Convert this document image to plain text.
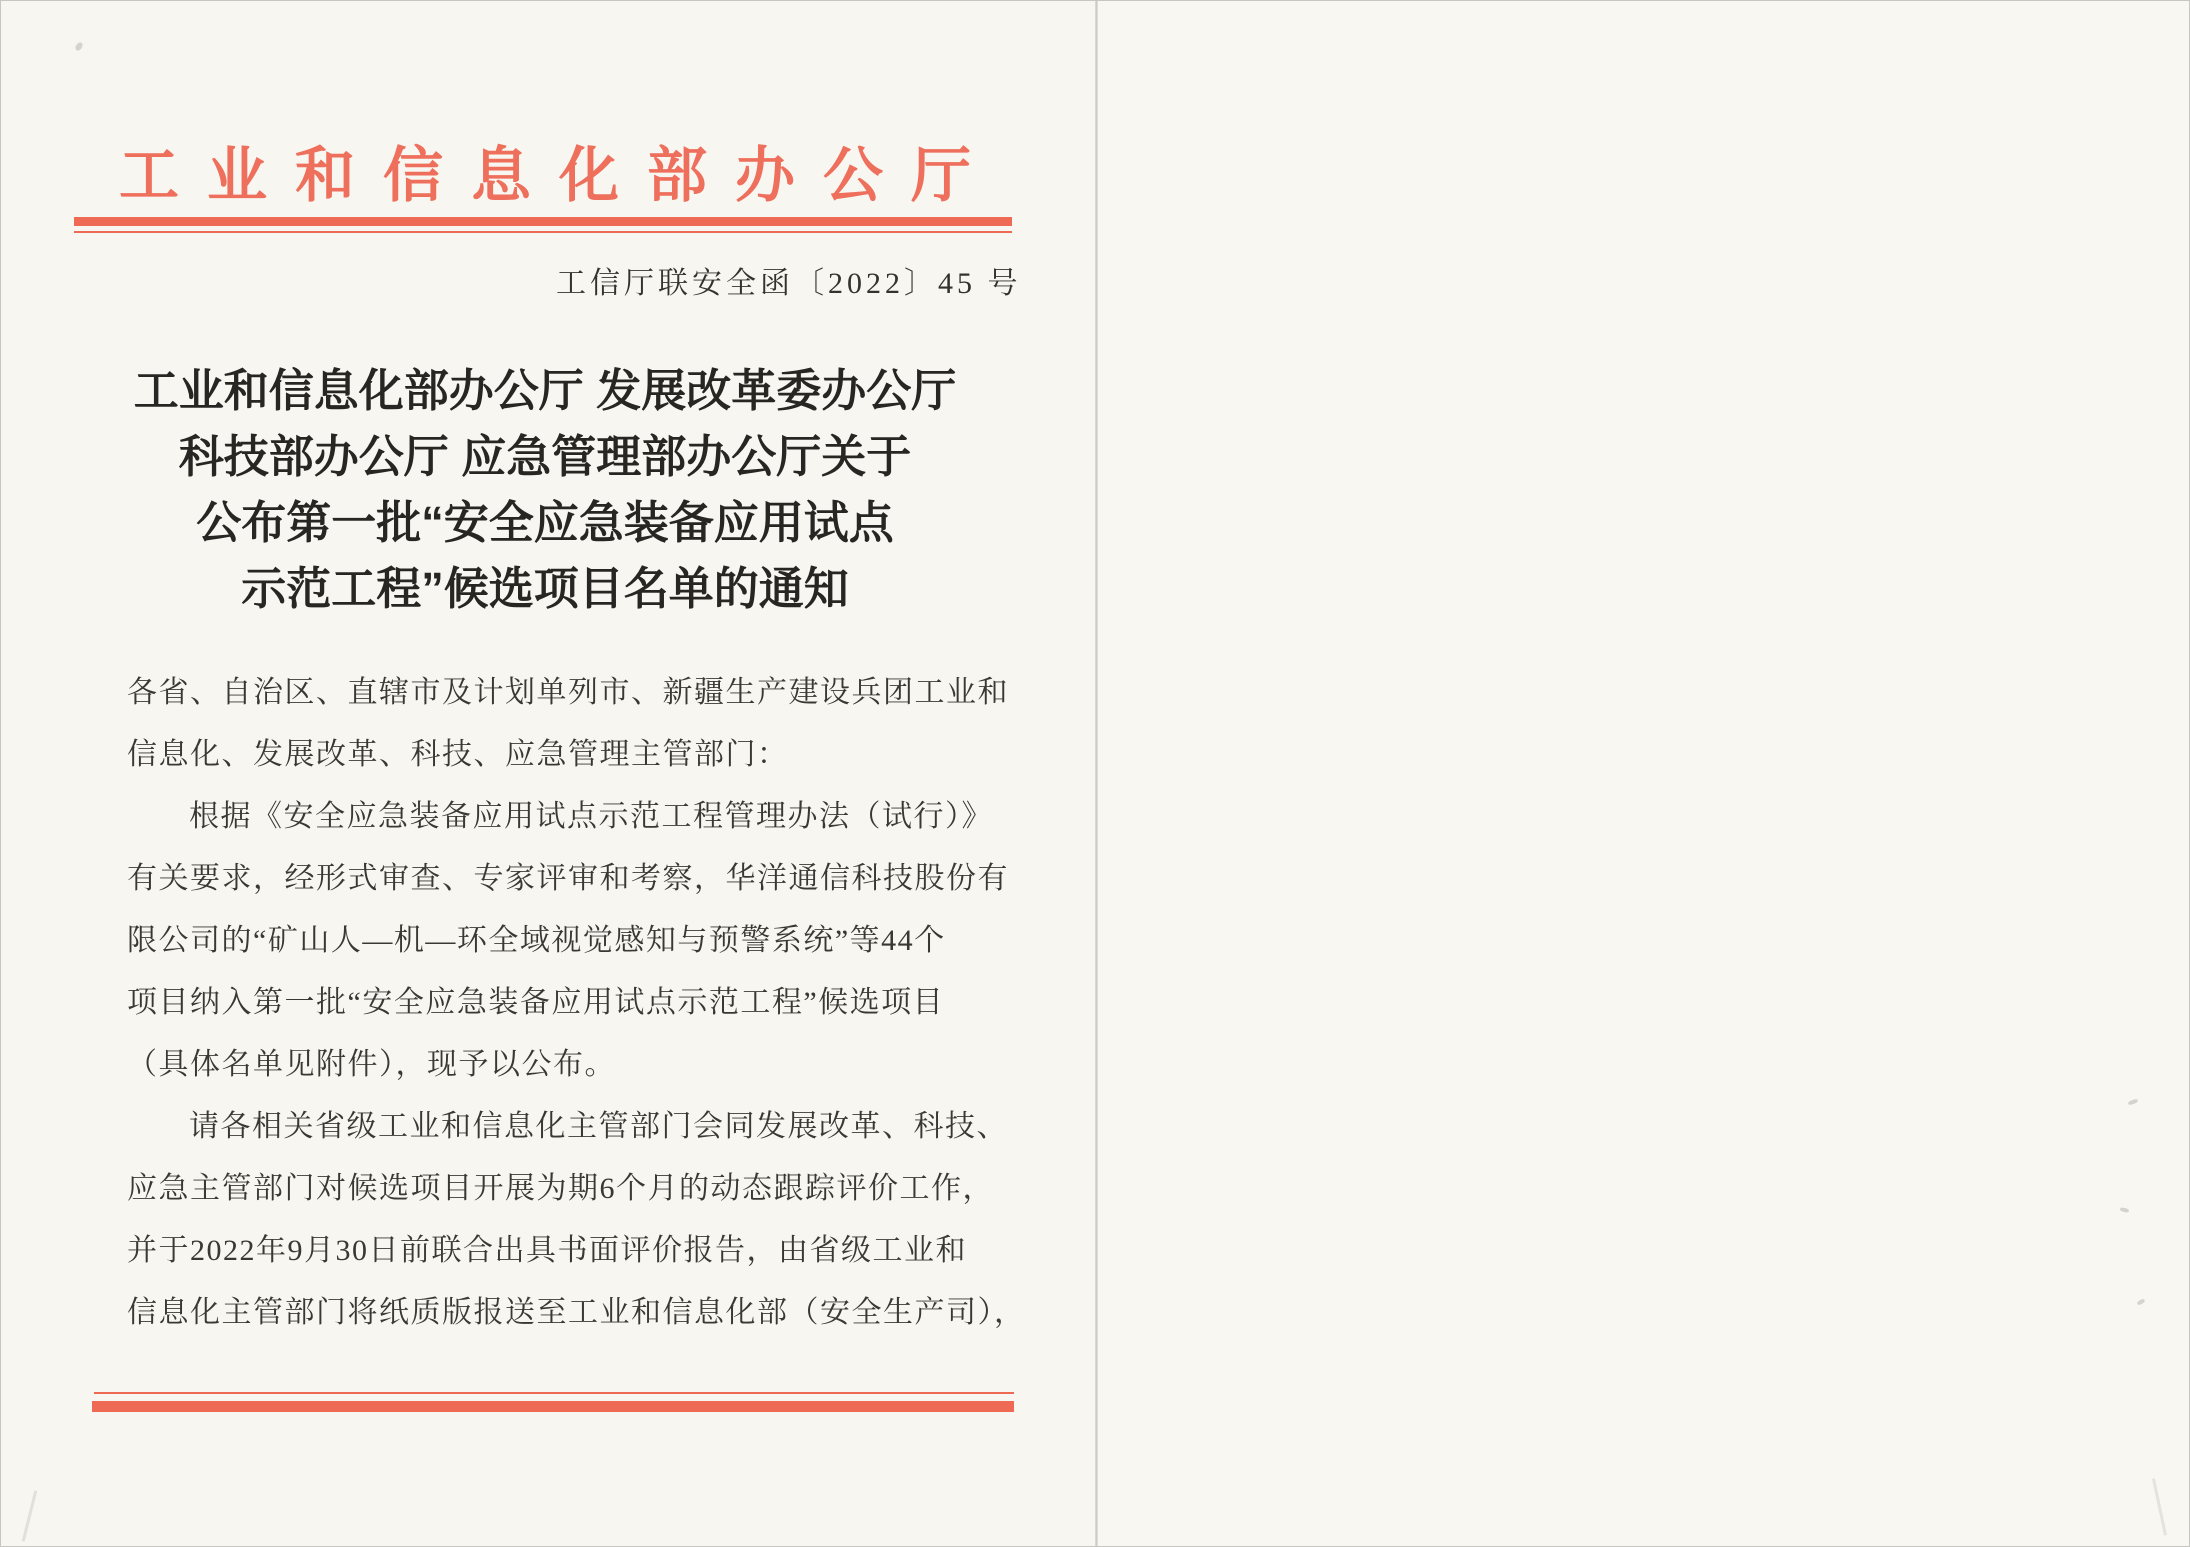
工业和信息化部办公厅
工信厅联安全函〔2022〕45 号
工业和信息化部办公厅 发展改革委办公厅
科技部办公厅 应急管理部办公厅关于
公布第一批“安全应急装备应用试点
示范工程”候选项目名单的通知
各省、自治区、直辖市及计划单列市、新疆生产建设兵团工业和
信息化、发展改革、科技、应急管理主管部门：
根据《安全应急装备应用试点示范工程管理办法（试行）》
有关要求，经形式审查、专家评审和考察，华洋通信科技股份有
限公司的“矿山人—机—环全域视觉感知与预警系统”等44个
项目纳入第一批“安全应急装备应用试点示范工程”候选项目
（具体名单见附件），现予以公布。
请各相关省级工业和信息化主管部门会同发展改革、科技、
应急主管部门对候选项目开展为期6个月的动态跟踪评价工作，
并于2022年9月30日前联合出具书面评价报告，由省级工业和
信息化主管部门将纸质版报送至工业和信息化部（安全生产司），
